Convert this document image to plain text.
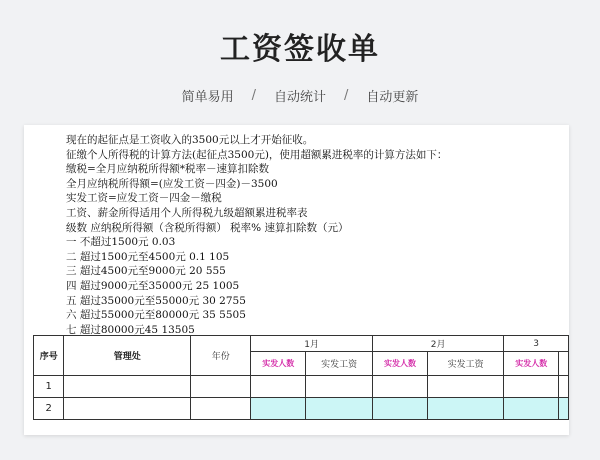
工资签收单
简单易用 / 自动统计 / 自动更新
现在的起征点是工资收入的3500元以上才开始征收。
征缴个人所得税的计算方法(起征点3500元)，使用超额累进税率的计算方法如下：
缴税=全月应纳税所得额*税率－速算扣除数
全月应纳税所得额=(应发工资－四金)－3500
实发工资=应发工资－四金－缴税
工资、薪金所得适用个人所得税九级超额累进税率表
级数 应纳税所得额（含税所得额） 税率% 速算扣除数（元）
一 不超过1500元 0.03
二 超过1500元至4500元 0.1 105
三 超过4500元至9000元 20 555
四 超过9000元至35000元 25 1005
五 超过35000元至55000元 30 2755
六 超过55000元至80000元 35 5505
七 超过80000元45 13505
序号	管理处	年份	1月		2月		3	
			实发人数	实发工资	实发人数	实发工资	实发人数	
1								
2								
